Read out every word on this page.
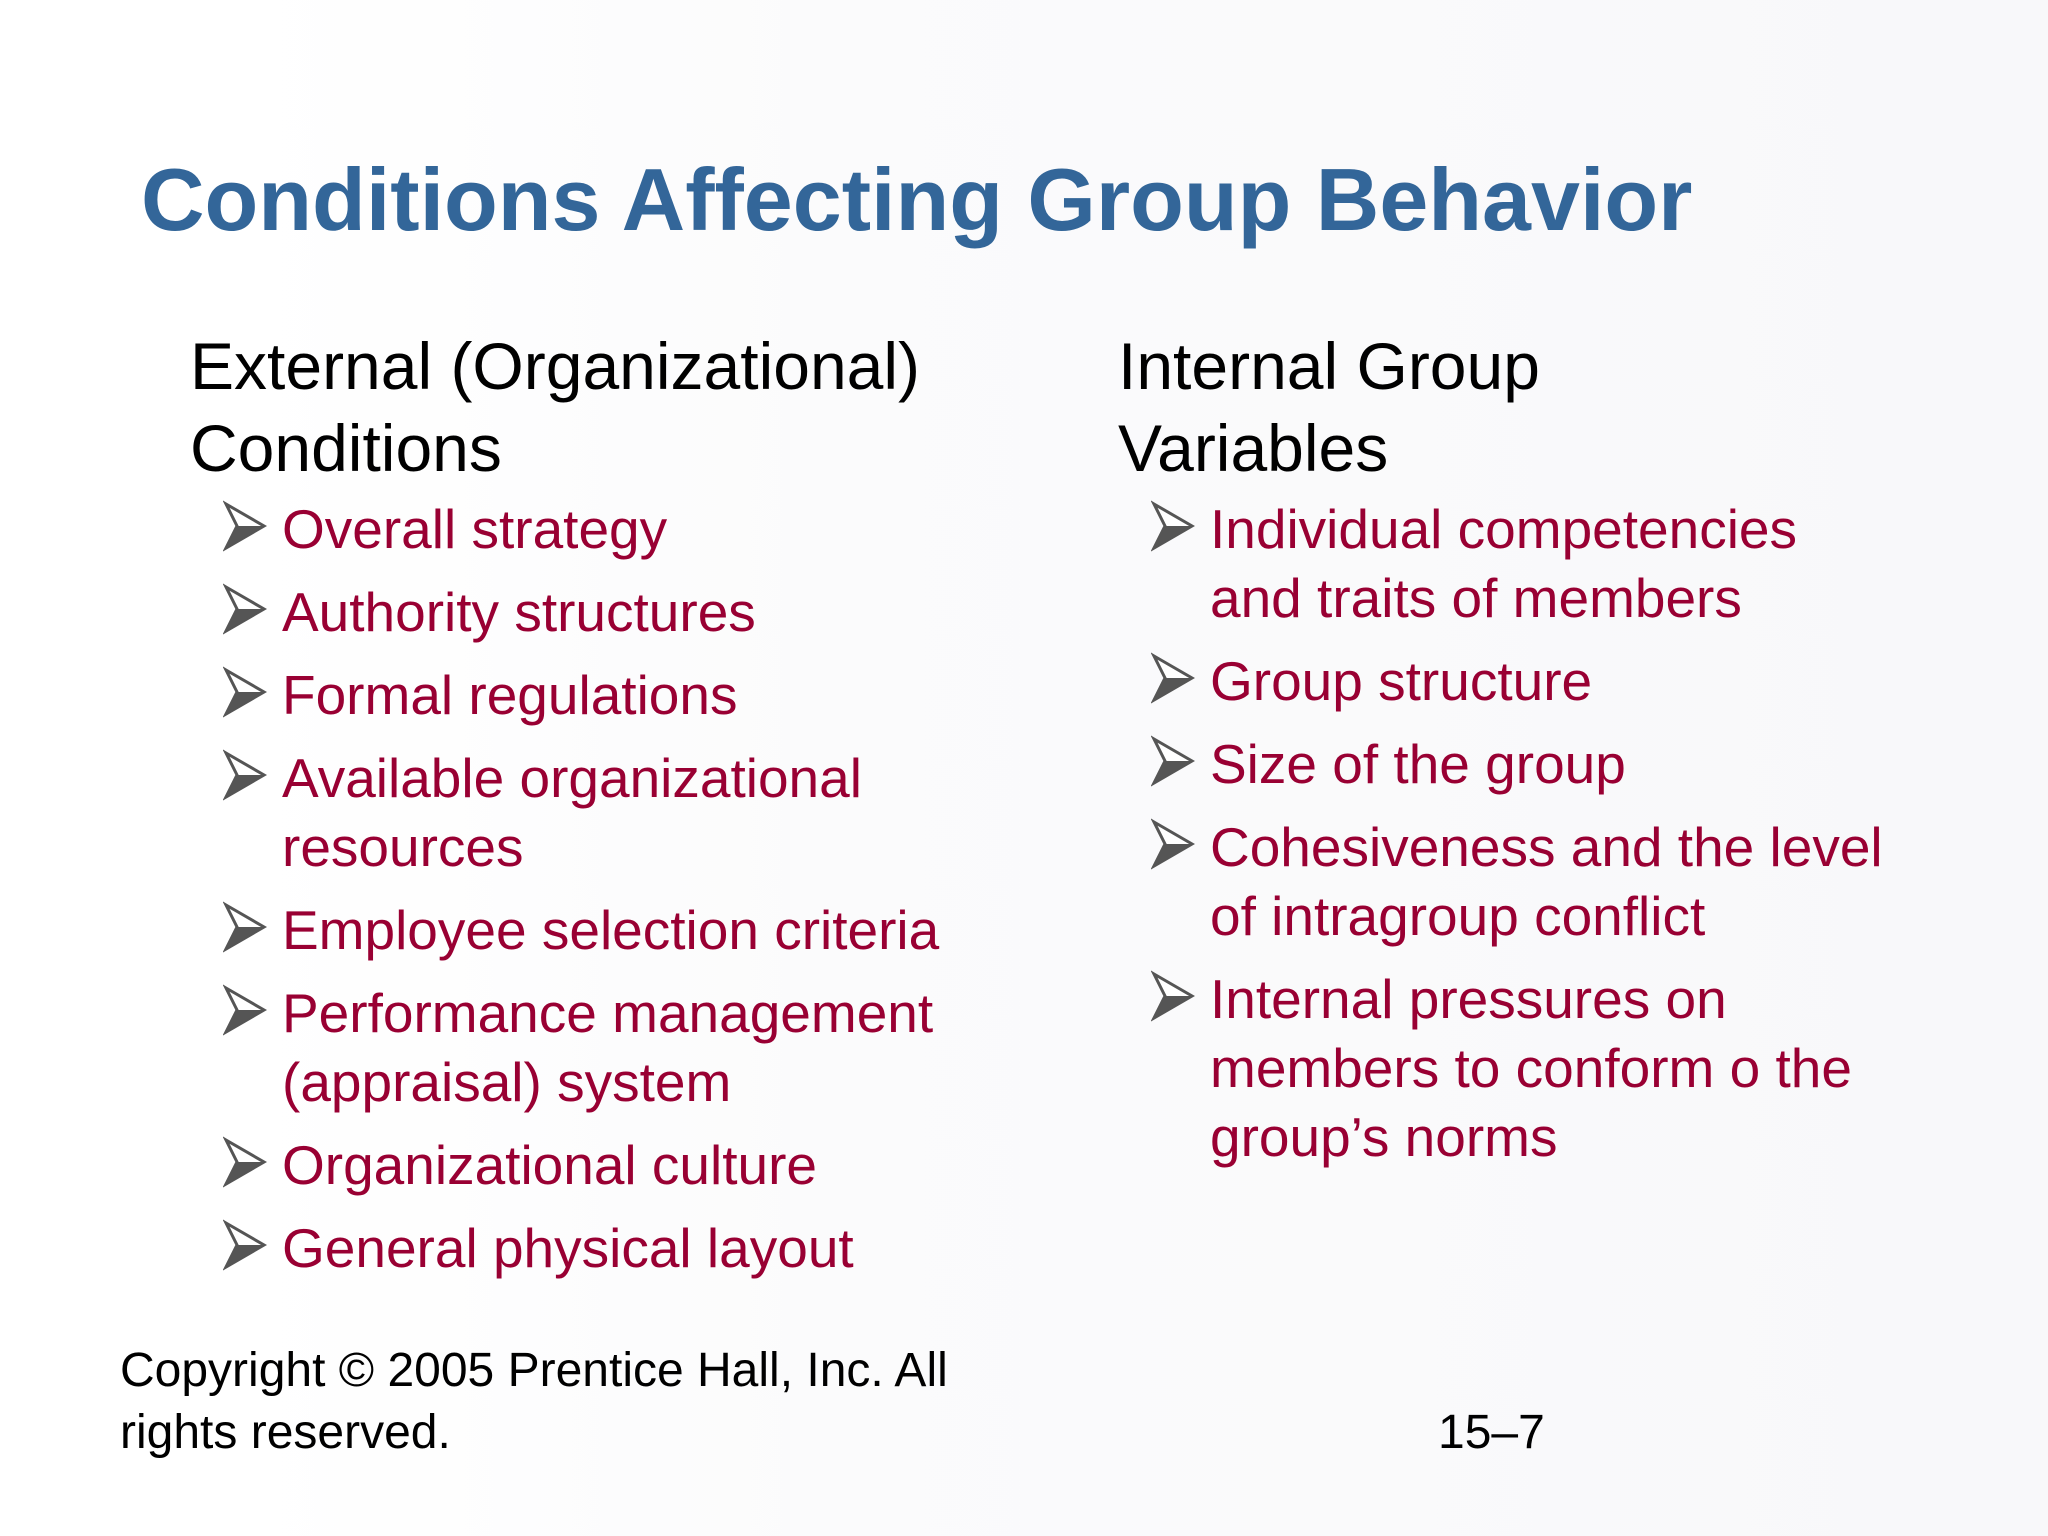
Conditions Affecting Group Behavior
External (Organizational)
Conditions
Overall strategy
Authority structures
Formal regulations
Available organizational
resources
Employee selection criteria
Performance management
(appraisal) system
Organizational culture
General physical layout
Internal Group
Variables
Individual competencies
and traits of members
Group structure
Size of the group
Cohesiveness and the level
of intragroup conflict
Internal pressures on
members to conform o the
group’s norms
Copyright © 2005 Prentice Hall, Inc. All
rights reserved.	15–7
